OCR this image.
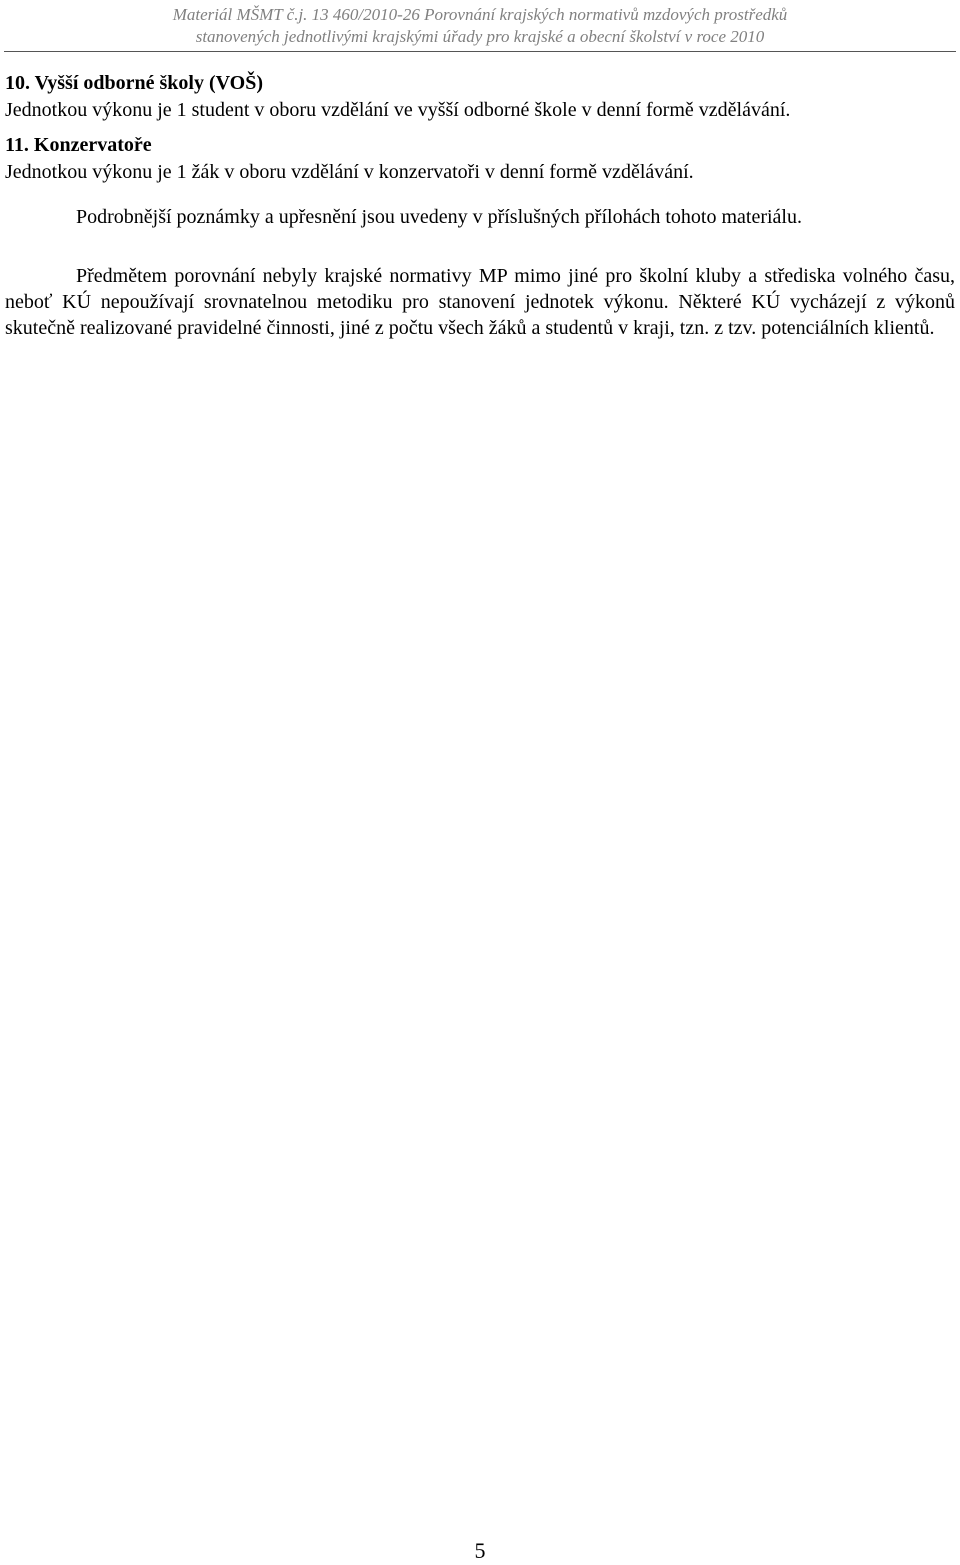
Materiál MŠMT č.j. 13 460/2010-26 Porovnání krajských normativů mzdových prostředků
stanovených jednotlivými krajskými úřady pro krajské a obecní školství v roce 2010
10. Vyšší odborné školy (VOŠ)

Jednotkou výkonu je 1 student v oboru vzdělání ve vyšší odborné škole v denní formě vzdělávání.

11. Konzervatoře

Jednotkou výkonu je 1 žák v oboru vzdělání v konzervatoři v denní formě vzdělávání.

Podrobnější poznámky a upřesnění jsou uvedeny v příslušných přílohách tohoto materiálu.

Předmětem porovnání nebyly krajské normativy MP mimo jiné pro školní kluby a střediska volného času, neboť KÚ nepoužívají srovnatelnou metodiku pro stanovení jednotek výkonu. Některé KÚ vycházejí z výkonů skutečně realizované pravidelné činnosti, jiné z počtu všech žáků a studentů v kraji, tzn. z tzv. potenciálních klientů.

5
